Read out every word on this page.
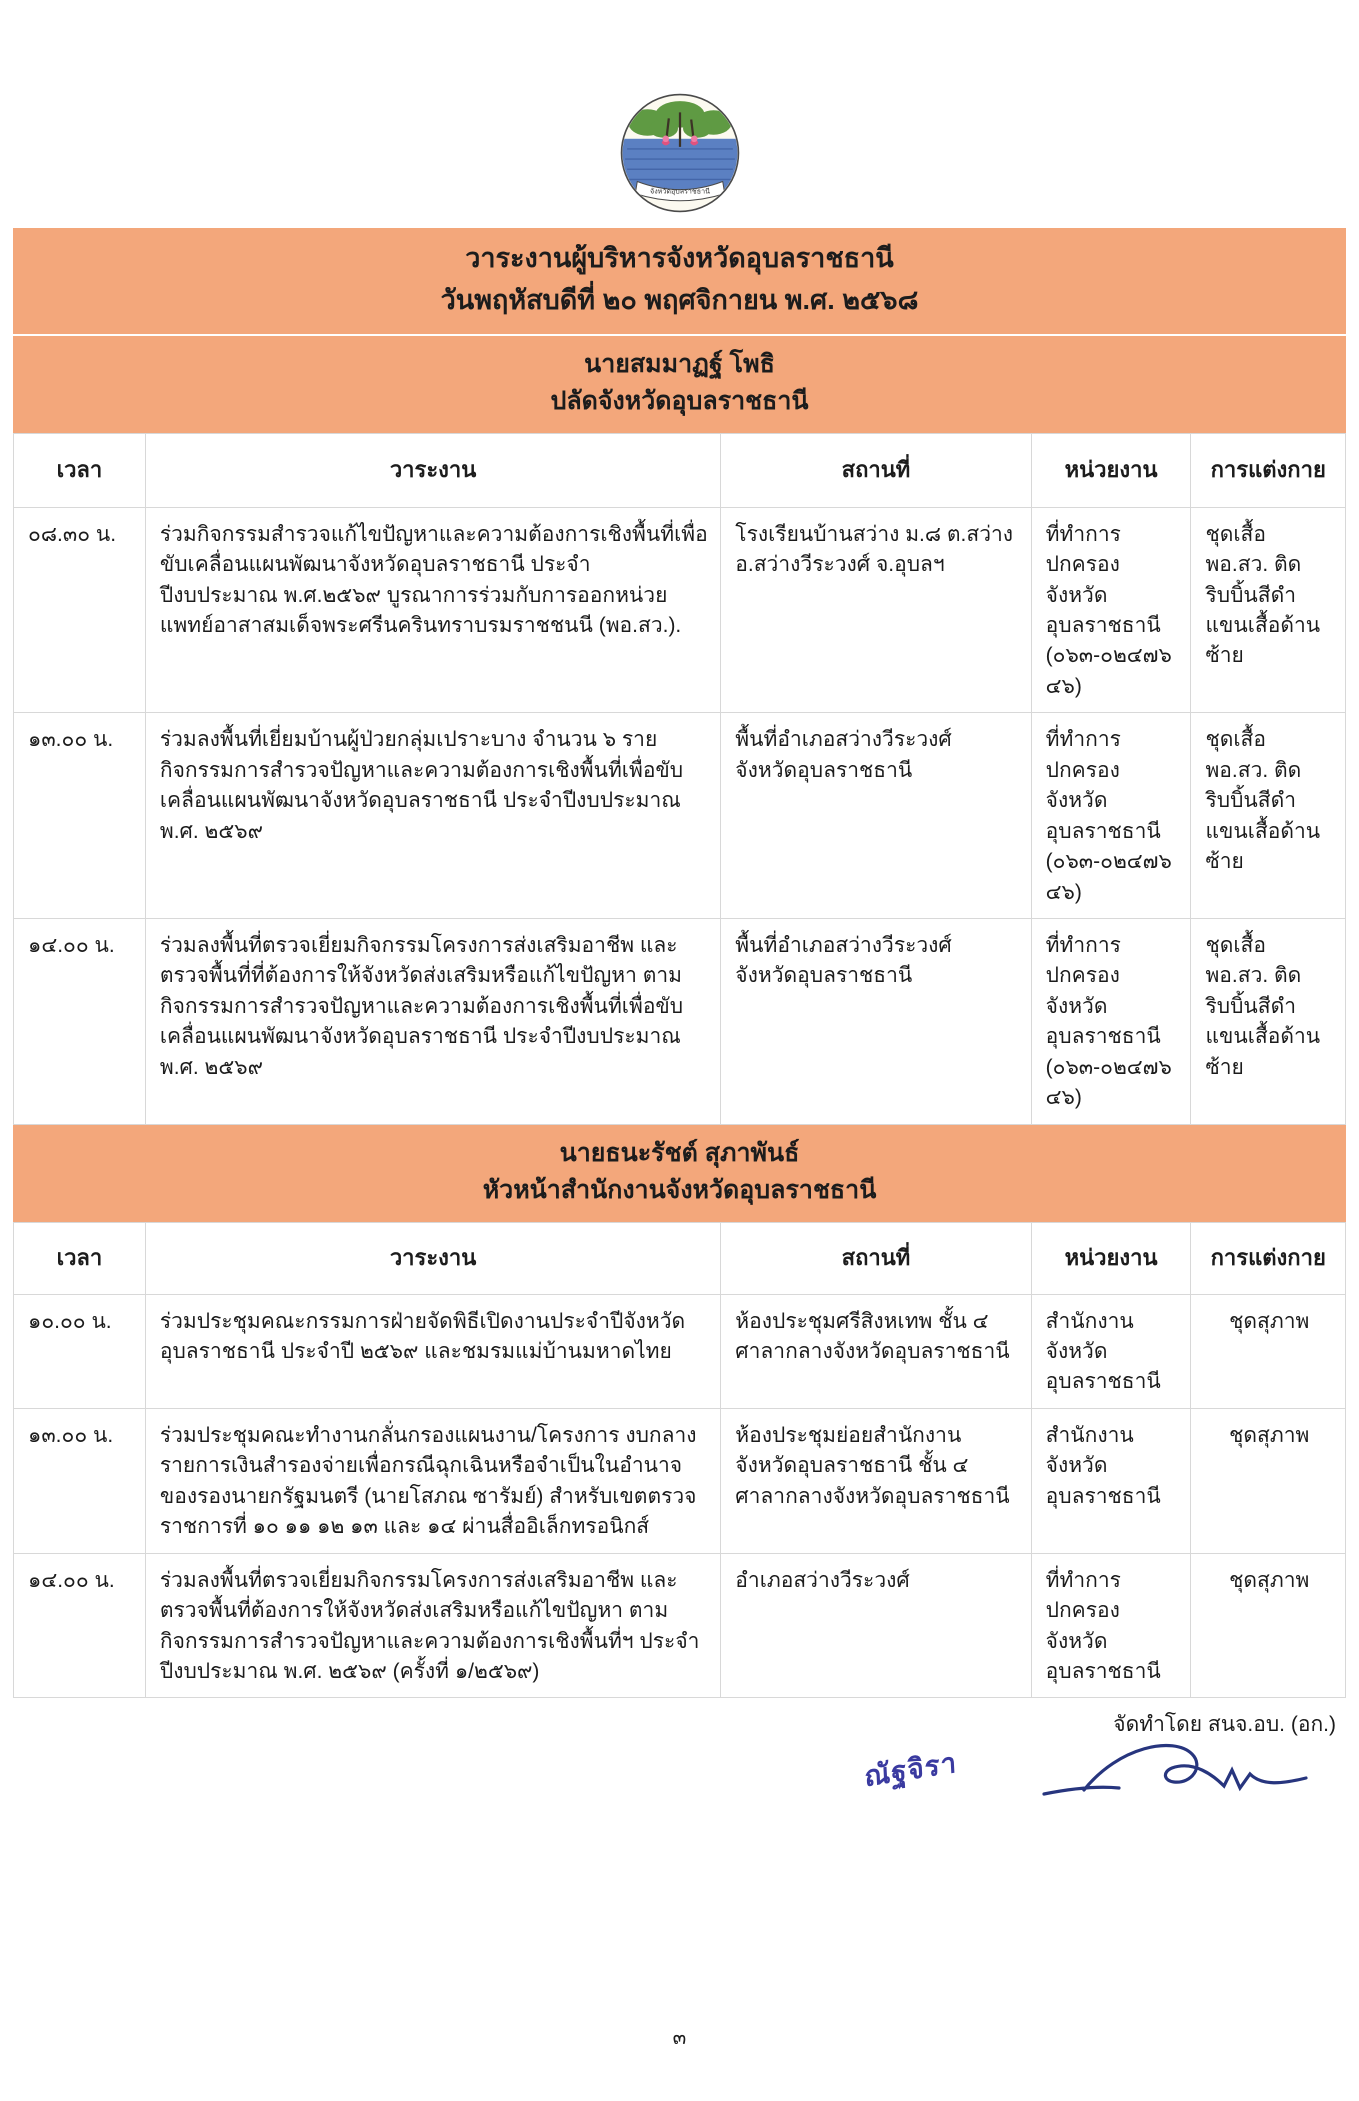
จังหวัดอุบลราชธานี
วาระงานผู้บริหารจังหวัดอุบลราชธานี
วันพฤหัสบดีที่ ๒๐ พฤศจิกายน พ.ศ. ๒๕๖๘
นายสมมาฏฐ์ โพธิ
ปลัดจังหวัดอุบลราชธานี
เวลา	วาระงาน	สถานที่	หน่วยงาน	การแต่งกาย
๐๘.๓๐ น.	ร่วมกิจกรรมสำรวจแก้ไขปัญหาและความต้องการเชิงพื้นที่เพื่อขับเคลื่อนแผนพัฒนาจังหวัดอุบลราชธานี ประจำปีงบประมาณ พ.ศ.๒๕๖๙ บูรณาการร่วมกับการออกหน่วยแพทย์อาสาสมเด็จพระศรีนครินทราบรมราชชนนี (พอ.สว.).	โรงเรียนบ้านสว่าง ม.๘ ต.สว่าง อ.สว่างวีระวงศ์ จ.อุบลฯ	ที่ทำการปกครองจังหวัดอุบลราชธานี (๐๖๓-๐๒๔๗๖๔๖)	ชุดเสื้อ พอ.สว. ติดริบบิ้นสีดำแขนเสื้อด้านซ้าย
๑๓.๐๐ น.	ร่วมลงพื้นที่เยี่ยมบ้านผู้ป่วยกลุ่มเปราะบาง จำนวน ๖ ราย กิจกรรมการสำรวจปัญหาและความต้องการเชิงพื้นที่เพื่อขับเคลื่อนแผนพัฒนาจังหวัดอุบลราชธานี ประจำปีงบประมาณ พ.ศ. ๒๕๖๙	พื้นที่อำเภอสว่างวีระวงศ์ จังหวัดอุบลราชธานี	ที่ทำการปกครองจังหวัดอุบลราชธานี (๐๖๓-๐๒๔๗๖๔๖)	ชุดเสื้อ พอ.สว. ติดริบบิ้นสีดำแขนเสื้อด้านซ้าย
๑๔.๐๐ น.	ร่วมลงพื้นที่ตรวจเยี่ยมกิจกรรมโครงการส่งเสริมอาชีพ และตรวจพื้นที่ที่ต้องการให้จังหวัดส่งเสริมหรือแก้ไขปัญหา ตามกิจกรรมการสำรวจปัญหาและความต้องการเชิงพื้นที่เพื่อขับเคลื่อนแผนพัฒนาจังหวัดอุบลราชธานี ประจำปีงบประมาณ พ.ศ. ๒๕๖๙	พื้นที่อำเภอสว่างวีระวงศ์ จังหวัดอุบลราชธานี	ที่ทำการปกครองจังหวัดอุบลราชธานี (๐๖๓-๐๒๔๗๖๔๖)	ชุดเสื้อ พอ.สว. ติดริบบิ้นสีดำแขนเสื้อด้านซ้าย
นายธนะรัชต์ สุภาพันธ์
หัวหน้าสำนักงานจังหวัดอุบลราชธานี
เวลา	วาระงาน	สถานที่	หน่วยงาน	การแต่งกาย
๑๐.๐๐ น.	ร่วมประชุมคณะกรรมการฝ่ายจัดพิธีเปิดงานประจำปีจังหวัดอุบลราชธานี ประจำปี ๒๕๖๙ และชมรมแม่บ้านมหาดไทย	ห้องประชุมศรีสิงหเทพ ชั้น ๔ ศาลากลางจังหวัดอุบลราชธานี	สำนักงานจังหวัดอุบลราชธานี	ชุดสุภาพ
๑๓.๐๐ น.	ร่วมประชุมคณะทำงานกลั่นกรองแผนงาน/โครงการ งบกลาง รายการเงินสำรองจ่ายเพื่อกรณีฉุกเฉินหรือจำเป็นในอำนาจของรองนายกรัฐมนตรี (นายโสภณ ซารัมย์) สำหรับเขตตรวจราชการที่ ๑๐ ๑๑ ๑๒ ๑๓ และ ๑๔ ผ่านสื่ออิเล็กทรอนิกส์	ห้องประชุมย่อยสำนักงานจังหวัดอุบลราชธานี ชั้น ๔ ศาลากลางจังหวัดอุบลราชธานี	สำนักงานจังหวัดอุบลราชธานี	ชุดสุภาพ
๑๔.๐๐ น.	ร่วมลงพื้นที่ตรวจเยี่ยมกิจกรรมโครงการส่งเสริมอาชีพ และตรวจพื้นที่ต้องการให้จังหวัดส่งเสริมหรือแก้ไขปัญหา ตามกิจกรรมการสำรวจปัญหาและความต้องการเชิงพื้นที่ฯ ประจำปีงบประมาณ พ.ศ. ๒๕๖๙ (ครั้งที่ ๑/๒๕๖๙)	อำเภอสว่างวีระวงศ์	ที่ทำการปกครองจังหวัดอุบลราชธานี	ชุดสุภาพ
จัดทำโดย สนจ.อบ. (อก.)
ณัฐจิรา
๓
